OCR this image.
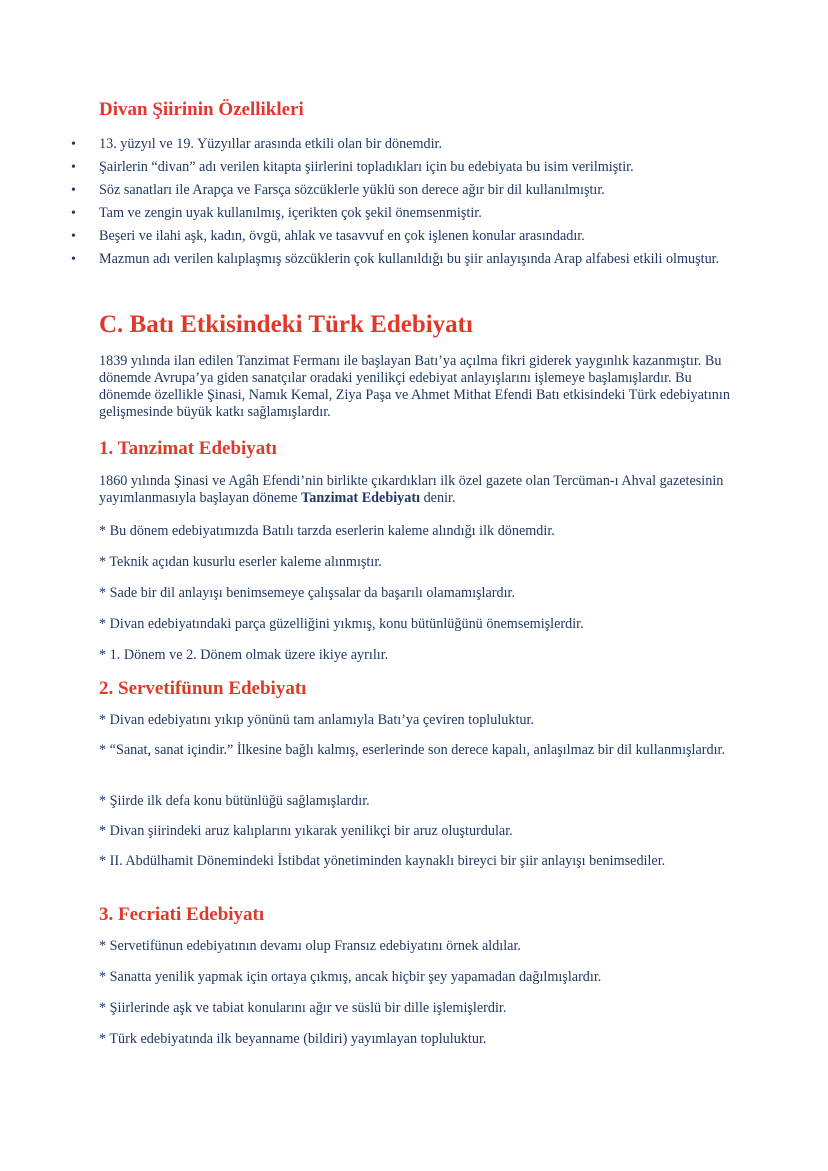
Divan Şiirinin Özellikleri
• 13. yüzyıl ve 19. Yüzyıllar arasında etkili olan bir dönemdir.
• Şairlerin “divan” adı verilen kitapta şiirlerini topladıkları için bu edebiyata bu isim verilmiştir.
• Söz sanatları ile Arapça ve Farsça sözcüklerle yüklü son derece ağır bir dil kullanılmıştır.
• Tam ve zengin uyak kullanılmış, içerikten çok şekil önemsenmiştir.
• Beşeri ve ilahi aşk, kadın, övgü, ahlak ve tasavvuf en çok işlenen konular arasındadır.
• Mazmun adı verilen kalıplaşmış sözcüklerin çok kullanıldığı bu şiir anlayışında Arap alfabesi etkili olmuştur.
C. Batı Etkisindeki Türk Edebiyatı

1839 yılında ilan edilen Tanzimat Fermanı ile başlayan Batı’ya açılma fikri giderek yaygınlık kazanmıştır. Bu dönemde Avrupa’ya giden sanatçılar oradaki yenilikçi edebiyat anlayışlarını işlemeye başlamışlardır. Bu dönemde özellikle Şinasi, Namık Kemal, Ziya Paşa ve Ahmet Mithat Efendi Batı etkisindeki Türk edebiyatının gelişmesinde büyük katkı sağlamışlardır.

1. Tanzimat Edebiyatı

1860 yılında Şinasi ve Agâh Efendi’nin birlikte çıkardıkları ilk özel gazete olan Tercüman-ı Ahval gazetesinin yayımlanmasıyla başlayan döneme Tanzimat Edebiyatı denir.

* Bu dönem edebiyatımızda Batılı tarzda eserlerin kaleme alındığı ilk dönemdir.

* Teknik açıdan kusurlu eserler kaleme alınmıştır.

* Sade bir dil anlayışı benimsemeye çalışsalar da başarılı olamamışlardır.

* Divan edebiyatındaki parça güzelliğini yıkmış, konu bütünlüğünü önemsemişlerdir.

* 1. Dönem ve 2. Dönem olmak üzere ikiye ayrılır.

2. Servetifünun Edebiyatı

* Divan edebiyatını yıkıp yönünü tam anlamıyla Batı’ya çeviren topluluktur.

* “Sanat, sanat içindir.” İlkesine bağlı kalmış, eserlerinde son derece kapalı, anlaşılmaz bir dil kullanmışlardır.

* Şiirde ilk defa konu bütünlüğü sağlamışlardır.

* Divan şiirindeki aruz kalıplarını yıkarak yenilikçi bir aruz oluşturdular.

* II. Abdülhamit Dönemindeki İstibdat yönetiminden kaynaklı bireyci bir şiir anlayışı benimsediler.

3. Fecriati Edebiyatı

* Servetifünun edebiyatının devamı olup Fransız edebiyatını örnek aldılar.

* Sanatta yenilik yapmak için ortaya çıkmış, ancak hiçbir şey yapamadan dağılmışlardır.

* Şiirlerinde aşk ve tabiat konularını ağır ve süslü bir dille işlemişlerdir.

* Türk edebiyatında ilk beyanname (bildiri) yayımlayan topluluktur.
